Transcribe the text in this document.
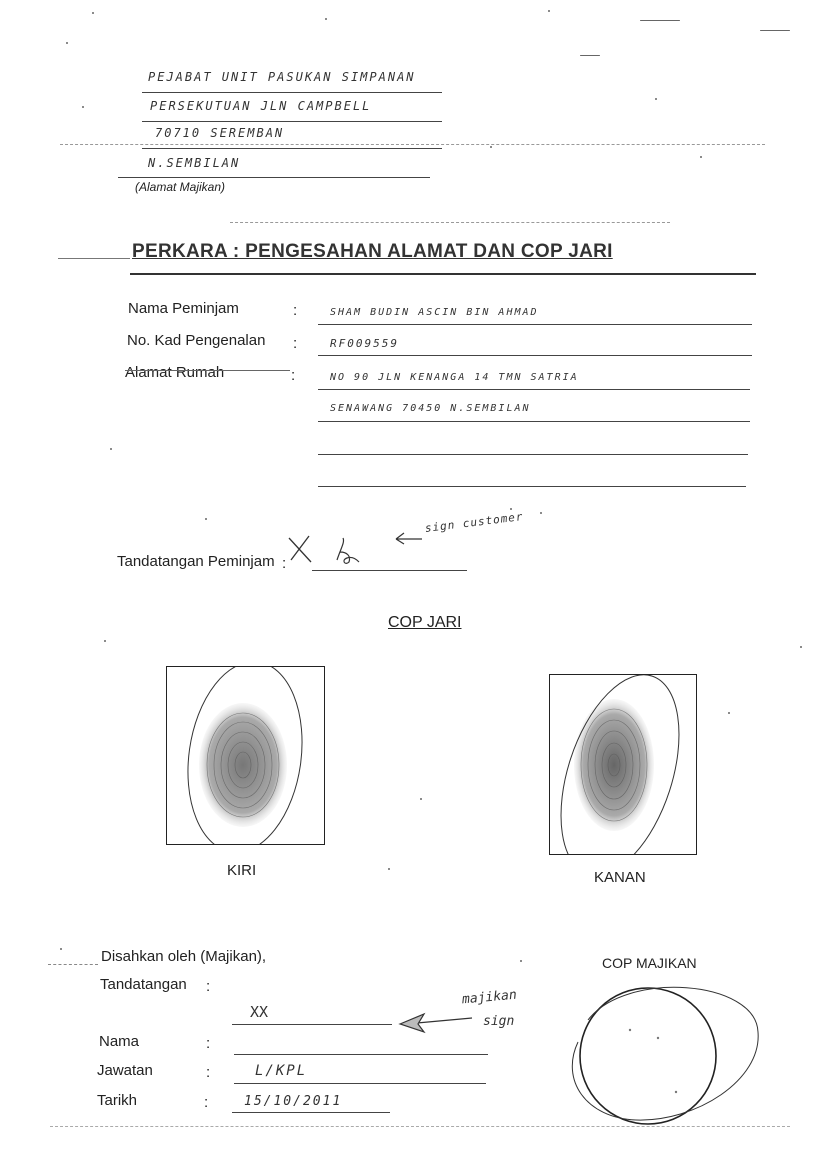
PEJABAT UNIT PASUKAN SIMPANAN
PERSEKUTUAN JLN CAMPBELL
70710 SEREMBAN
N.SEMBILAN
(Alamat Majikan)
PERKARA : PENGESAHAN ALAMAT DAN COP JARI
Nama Peminjam	:	SHAM BUDIN ASCIN BIN AHMAD
No. Kad Pengenalan :	RF009559
Alamat Rumah	:	NO 90 JLN KENANGA 14 TMN SATRIA
SENAWANG 70450 N.SEMBILAN
Tandatangan Peminjam :
sign customer
COP JARI
KIRI	KANAN
Disahkan oleh (Majikan),
Tandatangan :
XX
majikan
sign
Nama	:
Jawatan	:	L/KPL
Tarikh	:	15/10/2011
COP MAJIKAN
